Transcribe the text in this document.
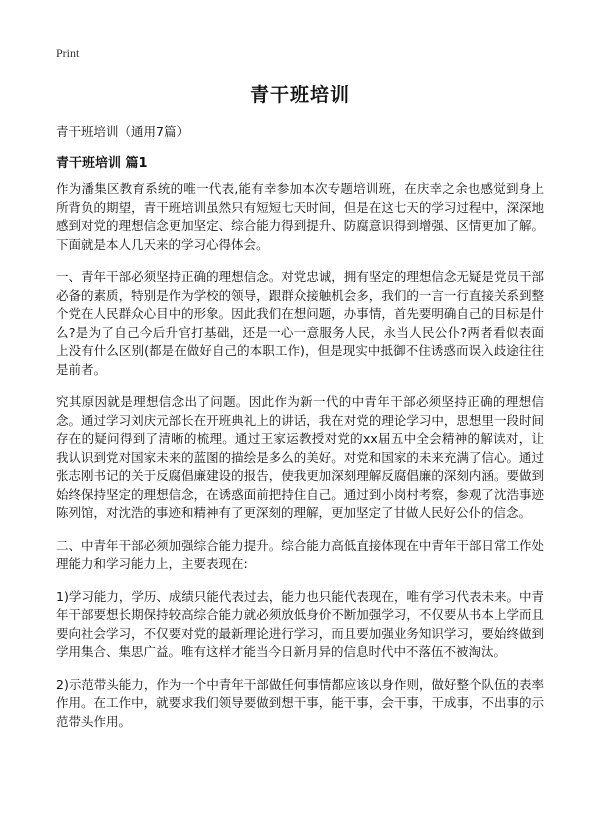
Print
青干班培训
青干班培训（通用7篇）
青干班培训 篇1

作为潘集区教育系统的唯一代表,能有幸参加本次专题培训班，在庆幸之余也感觉到身上所背负的期望，青干班培训虽然只有短短七天时间，但是在这七天的学习过程中，深深地感到对党的理想信念更加坚定、综合能力得到提升、防腐意识得到增强、区情更加了解。下面就是本人几天来的学习心得体会。

一、青年干部必须坚持正确的理想信念。对党忠诚，拥有坚定的理想信念无疑是党员干部必备的素质，特别是作为学校的领导，跟群众接触机会多，我们的一言一行直接关系到整个党在人民群众心目中的形象。因此我们在想问题，办事情，首先要明确自己的目标是什么?是为了自己今后升官打基础，还是一心一意服务人民，永当人民公仆?两者看似表面上没有什么区别(都是在做好自己的本职工作)，但是现实中抵御不住诱惑而误入歧途往往是前者。

究其原因就是理想信念出了问题。因此作为新一代的中青年干部必须坚持正确的理想信念。通过学习刘庆元部长在开班典礼上的讲话，我在对党的理论学习中，思想里一段时间存在的疑问得到了清晰的梳理。通过王家运教授对党的xx届五中全会精神的解读对，让我认识到党对国家未来的蓝图的描绘是多么的美好。对党和国家的未来充满了信心。通过张志刚书记的关于反腐倡廉建设的报告，使我更加深刻理解反腐倡廉的深刻内涵。要做到始终保持坚定的理想信念，在诱惑面前把持住自己。通过到小岗村考察，参观了沈浩事迹陈列馆，对沈浩的事迹和精神有了更深刻的理解，更加坚定了甘做人民好公仆的信念。

二、中青年干部必须加强综合能力提升。综合能力高低直接体现在中青年干部日常工作处理能力和学习能力上，主要表现在:

1)学习能力，学历、成绩只能代表过去，能力也只能代表现在，唯有学习代表未来。中青年干部要想长期保持较高综合能力就必须放低身价不断加强学习，不仅要从书本上学而且要向社会学习，不仅要对党的最新理论进行学习，而且要加强业务知识学习，要始终做到学用集合、集思广益。唯有这样才能当今日新月异的信息时代中不落伍不被淘汰。

2)示范带头能力，作为一个中青年干部做任何事情都应该以身作则，做好整个队伍的表率作用。在工作中，就要求我们领导要做到想干事，能干事，会干事，干成事，不出事的示范带头作用。
